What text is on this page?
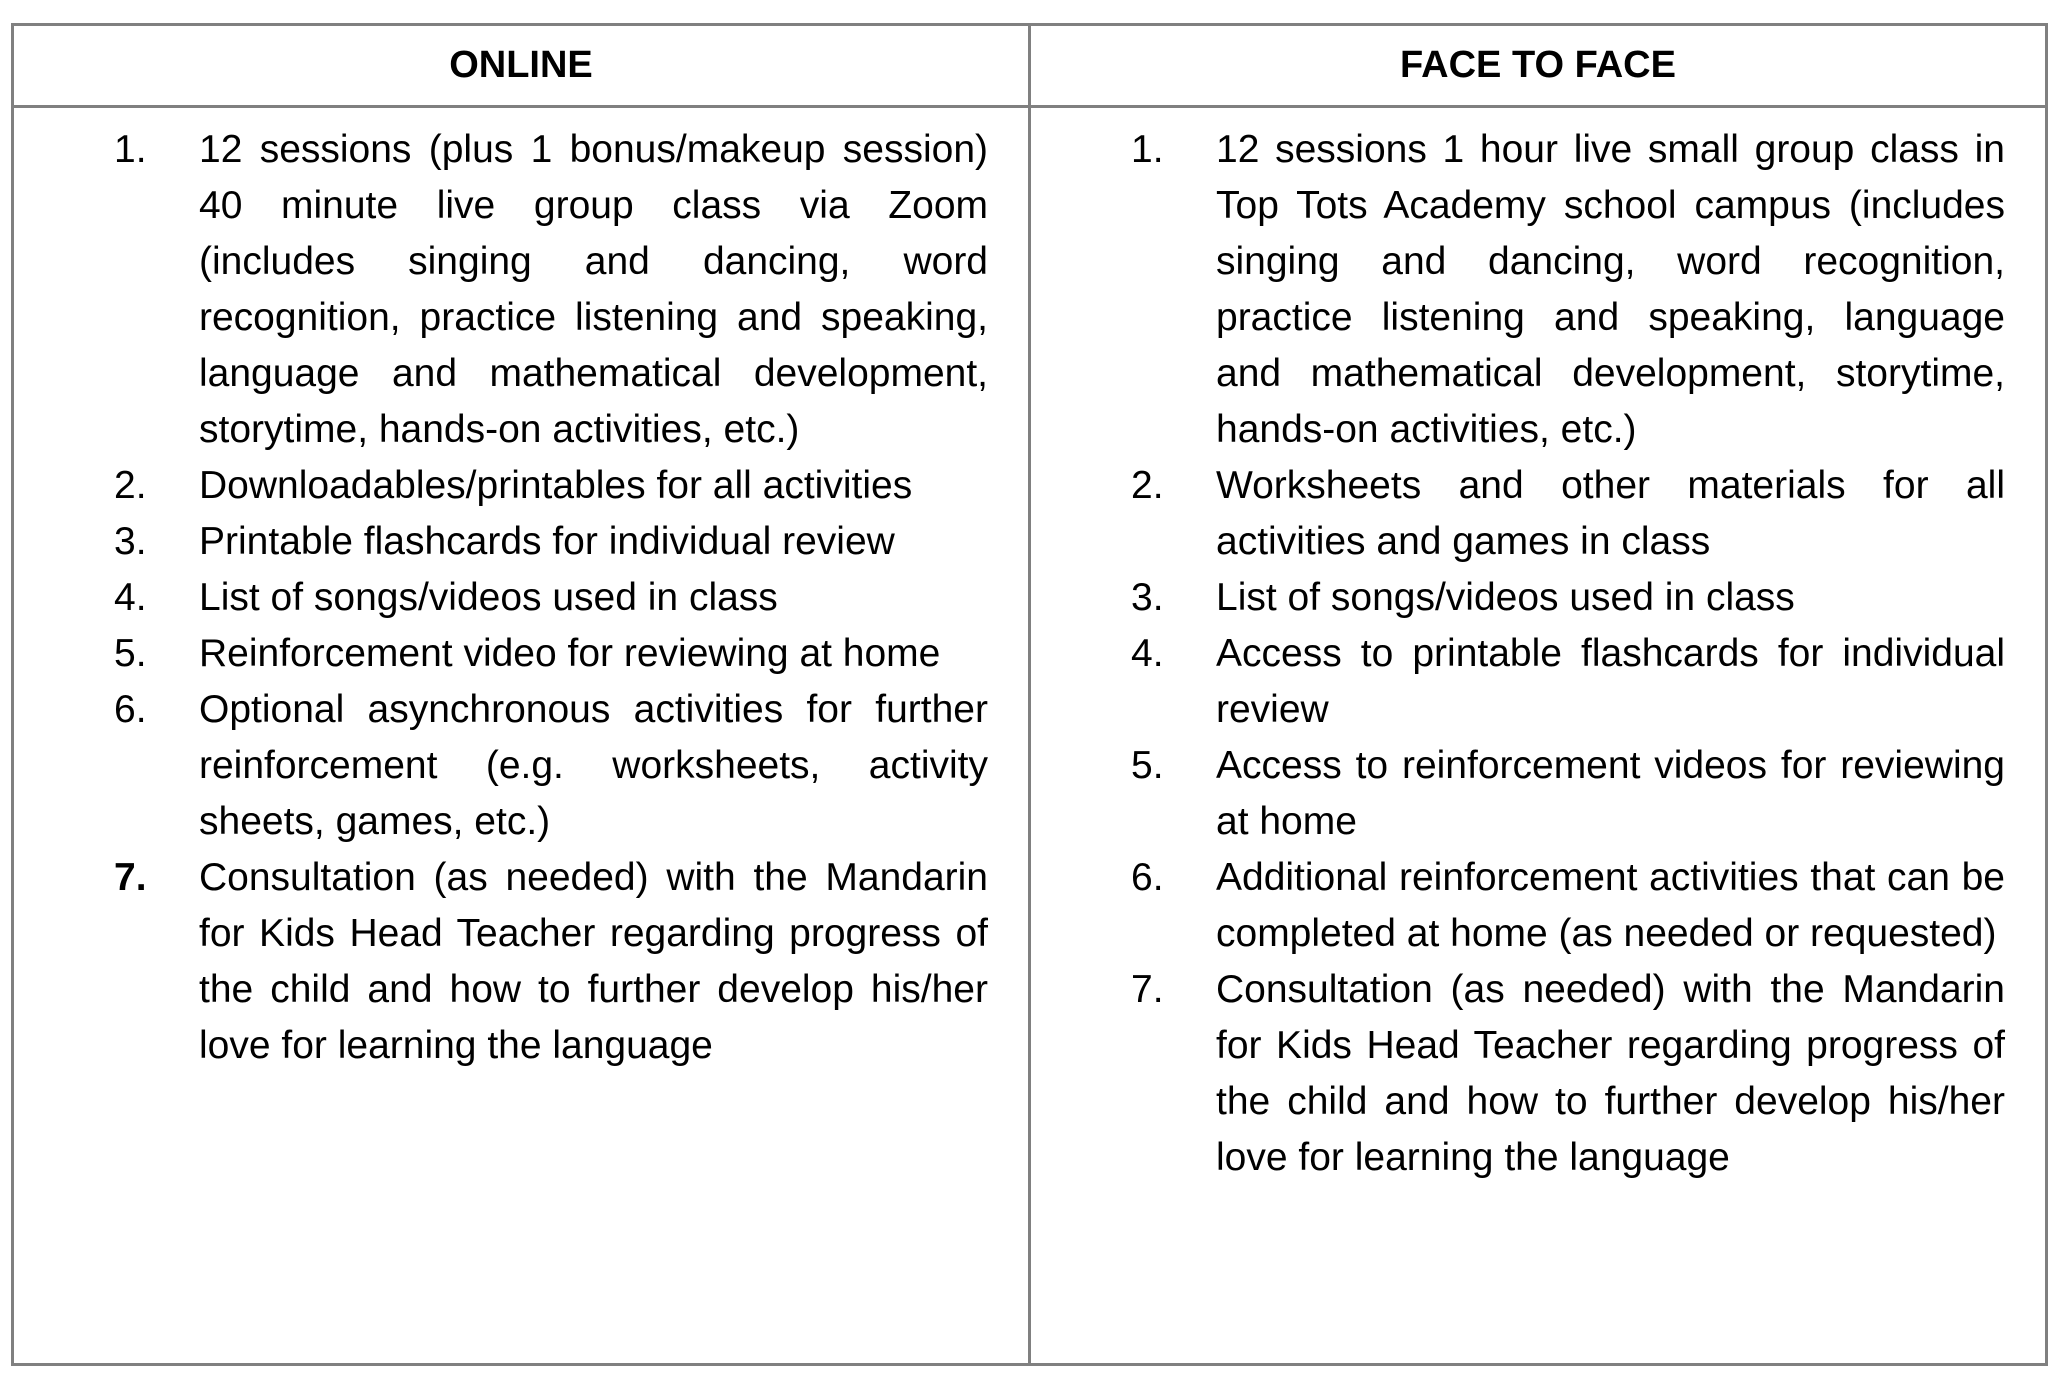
ONLINE	FACE TO FACE

1.	12 sessions (plus 1 bonus/makeup session) 40 minute live group class via Zoom (includes singing and dancing, word recognition, practice listening and speaking, language and mathematical development, storytime, hands-on activities, etc.)
2.	Downloadables/printables for all activities
3.	Printable flashcards for individual review
4.	List of songs/videos used in class
5.	Reinforcement video for reviewing at home
6.	Optional asynchronous activities for further reinforcement (e.g. worksheets, activity sheets, games, etc.)
7.	Consultation (as needed) with the Mandarin for Kids Head Teacher regarding progress of the child and how to further develop his/her love for learning the language

1.	12 sessions 1 hour live small group class in Top Tots Academy school campus (includes singing and dancing, word recognition, practice listening and speaking, language and mathematical development, storytime, hands-on activities, etc.)
2.	Worksheets and other materials for all activities and games in class
3.	List of songs/videos used in class
4.	Access to printable flashcards for individual review
5.	Access to reinforcement videos for reviewing at home
6.	Additional reinforcement activities that can be completed at home (as needed or requested)
7.	Consultation (as needed) with the Mandarin for Kids Head Teacher regarding progress of the child and how to further develop his/her love for learning the language
